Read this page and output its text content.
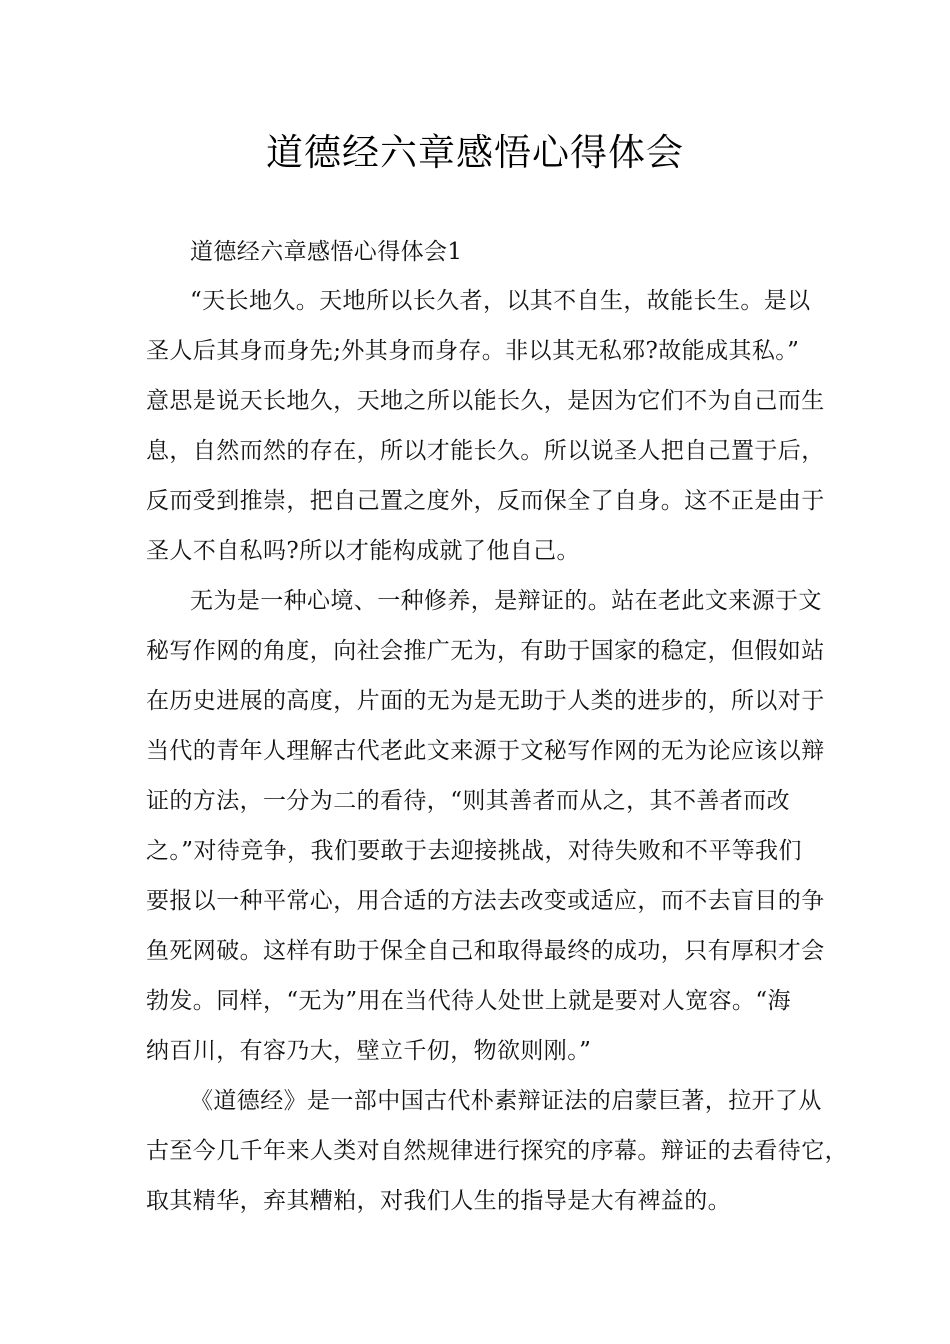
道德经六章感悟心得体会
道德经六章感悟心得体会1
“天长地久。天地所以长久者，以其不自生，故能长生。是以
圣人后其身而身先;外其身而身存。非以其无私邪?故能成其私。”
意思是说天长地久，天地之所以能长久，是因为它们不为自己而生
息，自然而然的存在，所以才能长久。所以说圣人把自己置于后，
反而受到推崇，把自己置之度外，反而保全了自身。这不正是由于
圣人不自私吗?所以才能构成就了他自己。
无为是一种心境、一种修养，是辩证的。站在老此文来源于文
秘写作网的角度，向社会推广无为，有助于国家的稳定，但假如站
在历史进展的高度，片面的无为是无助于人类的进步的，所以对于
当代的青年人理解古代老此文来源于文秘写作网的无为论应该以辩
证的方法，一分为二的看待，“则其善者而从之，其不善者而改
之。”对待竞争，我们要敢于去迎接挑战，对待失败和不平等我们
要报以一种平常心，用合适的方法去改变或适应，而不去盲目的争
鱼死网破。这样有助于保全自己和取得最终的成功，只有厚积才会
勃发。同样，“无为”用在当代待人处世上就是要对人宽容。“海
纳百川，有容乃大，壁立千仞，物欲则刚。”
《道德经》是一部中国古代朴素辩证法的启蒙巨著，拉开了从
古至今几千年来人类对自然规律进行探究的序幕。辩证的去看待它，
取其精华，弃其糟粕，对我们人生的指导是大有裨益的。
